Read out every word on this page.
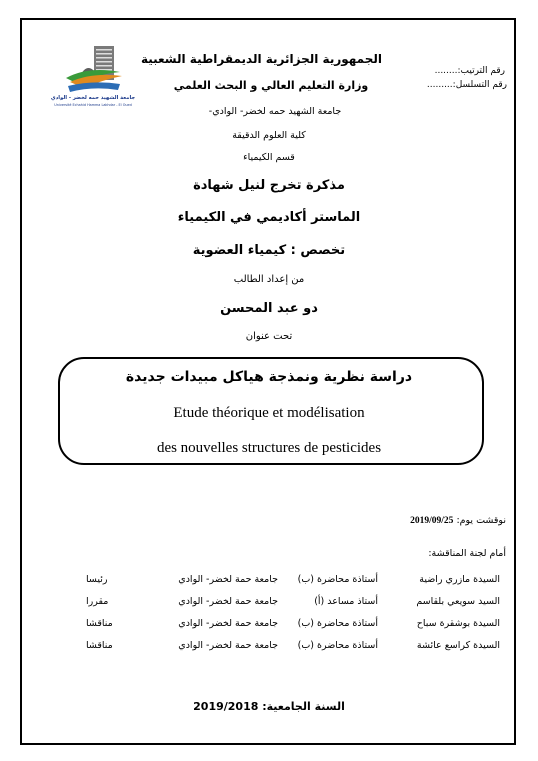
جامعة الشهيد حمه لخضر - الوادي
Université Echahid Hamma Lakhdar - El Oued
الجمهورية الجزائرية الديمقراطية الشعبية
وزارة التعليم العالي و البحث العلمي
جامعة الشهيد حمه لخضر- الوادي-
كلية العلوم الدقيقة
قسم الكيمياء
رقم الترتيب:........
رقم التسلسل:.........
مذكرة تخرج لنيل شهادة
الماستر أكاديمي في الكيمياء
تخصص : كيمياء العضوية
من إعداد الطالب
دو عبد المحسن
تحت عنوان
دراسة نظرية ونمذجة هياكل مبيدات جديدة
Etude théorique et modélisation
des nouvelles structures de pesticides
نوقشت يوم: 2019/09/25
أمام لجنة المناقشة:
السيدة مازري راضية	أستاذة محاضرة (ب)	جامعة حمة لخضر- الوادي	رئيسا
السيد سويعي بلقاسم	أستاذ مساعد (أ)	جامعة حمة لخضر- الوادي	مقررا
السيدة بوشقرة سباح	أستاذة محاضرة (ب)	جامعة حمة لخضر- الوادي	مناقشا
السيدة كراسع عائشة	أستاذة محاضرة (ب)	جامعة حمة لخضر- الوادي	مناقشا
السنة الجامعية: 2019/2018
